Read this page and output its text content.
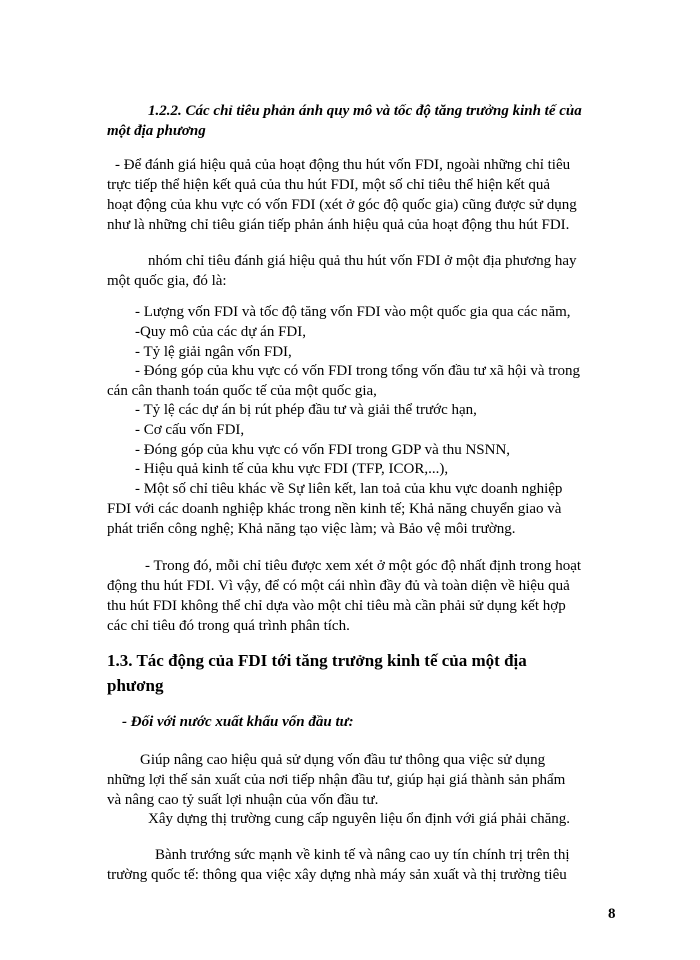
1.2.2. Các chỉ tiêu phản ánh quy mô và tốc độ tăng trưởng kinh tế của
một địa phương
- Để đánh giá hiệu quả của hoạt động thu hút vốn FDI, ngoài những chỉ tiêu
trực tiếp thể hiện kết quả của thu hút FDI, một số chỉ tiêu thể hiện kết quả
hoạt động của khu vực có vốn FDI (xét ở góc độ quốc gia) cũng được sử dụng
như là những chỉ tiêu gián tiếp phản ánh hiệu quả của hoạt động thu hút FDI.
nhóm chỉ tiêu đánh giá hiệu quả thu hút vốn FDI ở một địa phương hay
một quốc gia, đó là:
- Lượng vốn FDI và tốc độ tăng vốn FDI vào một quốc gia qua các năm,
-Quy mô của các dự án FDI,
- Tỷ lệ giải ngân vốn FDI,
- Đóng góp của khu vực có vốn FDI trong tổng vốn đầu tư xã hội và trong
cán cân thanh toán quốc tế của một quốc gia,
- Tỷ lệ các dự án bị rút phép đầu tư và giải thể trước hạn,
- Cơ cấu vốn FDI,
- Đóng góp của khu vực có vốn FDI trong GDP và thu NSNN,
- Hiệu quả kinh tế của khu vực FDI (TFP, ICOR,...),
- Một số chỉ tiêu khác về Sự liên kết, lan toả của khu vực doanh nghiệp
FDI với các doanh nghiệp khác trong nền kinh tế; Khả năng chuyển giao và
phát triển công nghệ; Khả năng tạo việc làm; và Bảo vệ môi trường.
- Trong đó, mỗi chỉ tiêu được xem xét ở một góc độ nhất định trong hoạt
động thu hút FDI. Vì vậy, để có một cái nhìn đầy đủ và toàn diện về hiệu quả
thu hút FDI không thể chỉ dựa vào một chỉ tiêu mà cần phải sử dụng kết hợp
các chỉ tiêu đó trong quá trình phân tích.
1.3. Tác động của FDI tới tăng trưởng kinh tế của một địa
phương
- Đối với nước xuất khẩu vốn đầu tư:
Giúp nâng cao hiệu quả sử dụng vốn đầu tư thông qua việc sử dụng
những lợi thế sản xuất của nơi tiếp nhận đầu tư, giúp hại giá thành sản phẩm
và nâng cao tỷ suất lợi nhuận của vốn đầu tư.
Xây dựng thị trường cung cấp nguyên liệu ổn định với giá phải chăng.
Bành trướng sức mạnh về kinh tế và nâng cao uy tín chính trị trên thị
trường quốc tế: thông qua việc xây dựng nhà máy sản xuất và thị trường tiêu
8
